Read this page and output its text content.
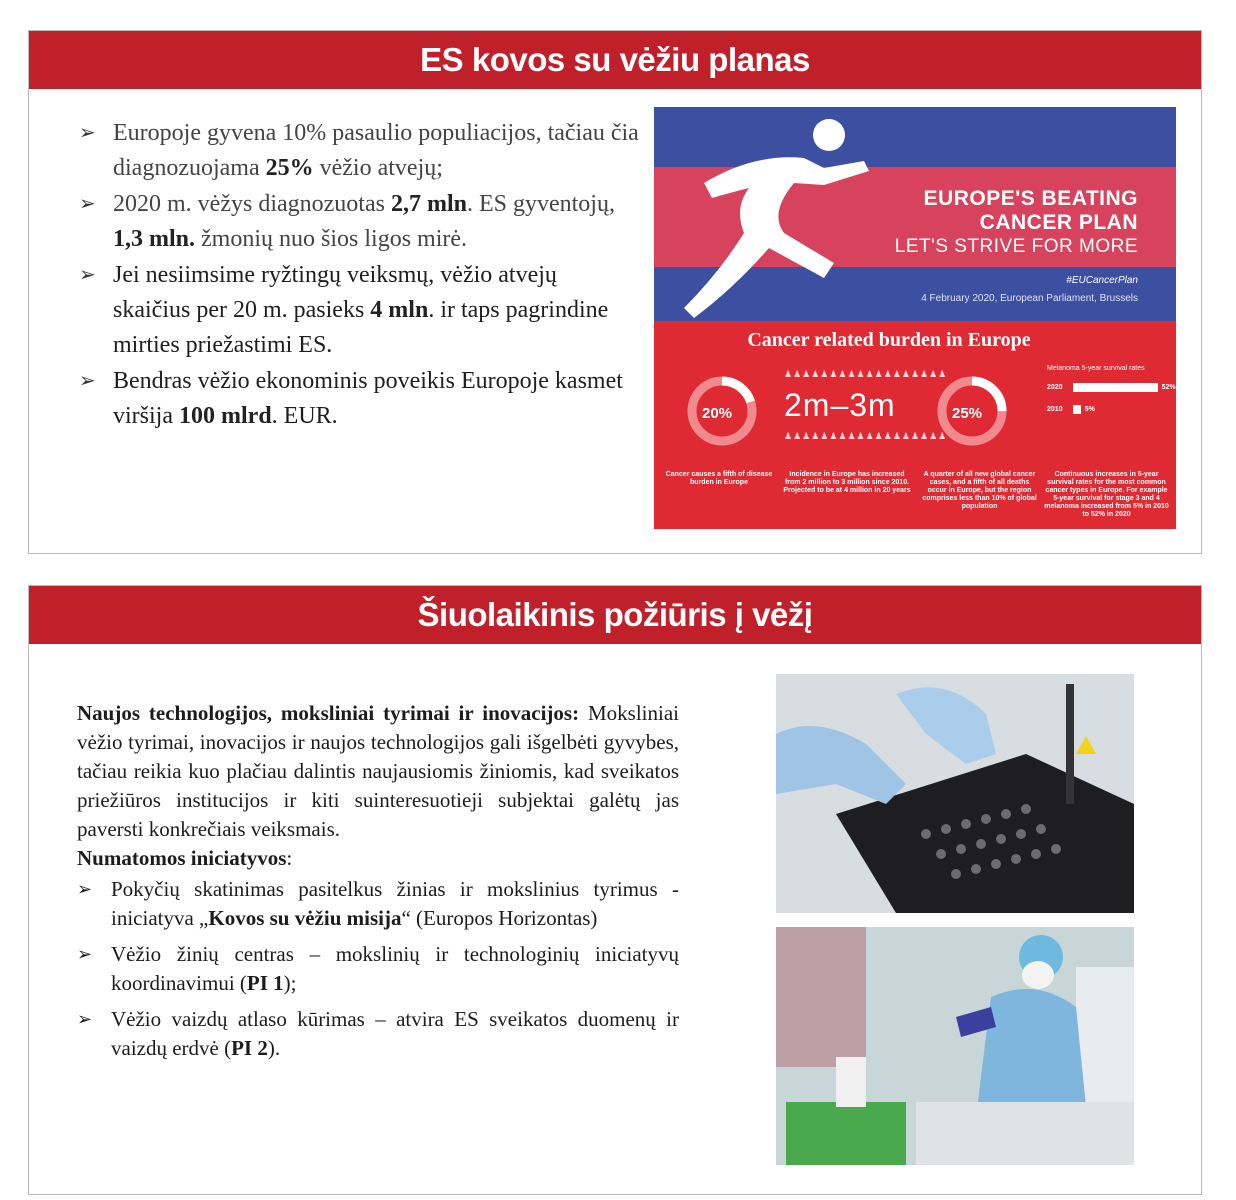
ES kovos su vėžiu planas
➢ Europoje gyvena 10% pasaulio populiacijos, tačiau čia diagnozuojama 25% vėžio atvejų;
➢ 2020 m. vėžys diagnozuotas 2,7 mln. ES gyventojų, 1,3 mln. žmonių nuo šios ligos mirė.
➢ Jei nesiimsime ryžtingų veiksmų, vėžio atvejų skaičius per 20 m. pasieks 4 mln. ir taps pagrindine mirties priežastimi ES.
➢ Bendras vėžio ekonominis poveikis Europoje kasmet viršija 100 mlrd. EUR.
EUROPE'S BEATING
CANCER PLAN
LET'S STRIVE FOR MORE
#EUCancerPlan
4 February 2020, European Parliament, Brussels
Cancer related burden in Europe
20%
♟♟♟♟♟♟♟♟♟♟♟♟♟♟♟♟♟♟
2m–3m
♟♟♟♟♟♟♟♟♟♟♟♟♟♟♟♟♟♟
25%
Melanoma 5-year survival rates
2020	52%
2010	5%
Cancer causes a fifth of disease burden in Europe
Incidence in Europe has increased from 2 million to 3 million since 2010. Projected to be at 4 million in 20 years
A quarter of all new global cancer cases, and a fifth of all deaths occur in Europe, but the region comprises less than 10% of global population
Continuous increases in 5-year survival rates for the most common cancer types in Europe. For example 5-year survival for stage 3 and 4 melanoma increased from 5% in 2010 to 52% in 2020
Šiuolaikinis požiūris į vėžį
Naujos technologijos, moksliniai tyrimai ir inovacijos: Moksliniai vėžio tyrimai, inovacijos ir naujos technologijos gali išgelbėti gyvybes, tačiau reikia kuo plačiau dalintis naujausiomis žiniomis, kad sveikatos priežiūros institucijos ir kiti suinteresuotieji subjektai galėtų jas paversti konkrečiais veiksmais.
Numatomos iniciatyvos:
➢ Pokyčių skatinimas pasitelkus žinias ir mokslinius tyrimus - iniciatyva „Kovos su vėžiu misija“ (Europos Horizontas)
➢ Vėžio žinių centras – mokslinių ir technologinių iniciatyvų koordinavimui (PI 1);
➢ Vėžio vaizdų atlaso kūrimas – atvira ES sveikatos duomenų ir vaizdų erdvė (PI 2).
